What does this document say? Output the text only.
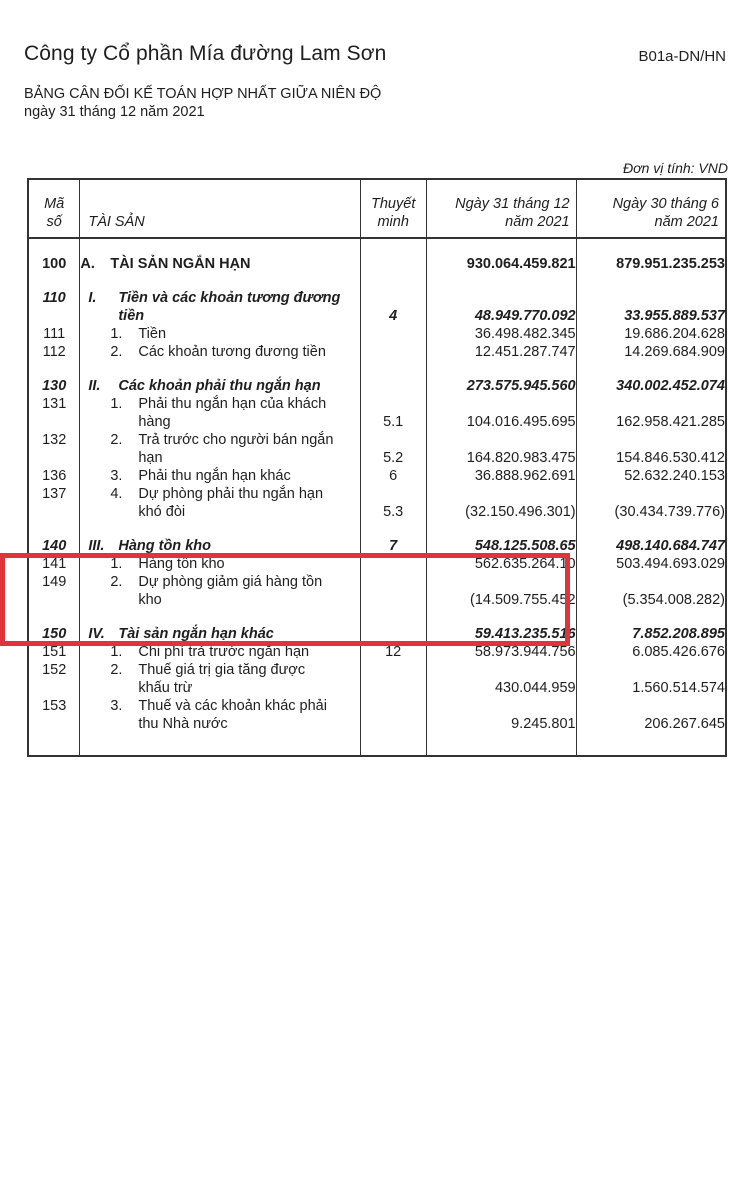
Công ty Cổ phần Mía đường Lam Sơn	B01a-DN/HN
BẢNG CÂN ĐỐI KẾ TOÁN HỢP NHẤT GIỮA NIÊN ĐỘ
ngày 31 tháng 12 năm 2021
Đơn vị tính: VND
Mã số	TÀI SẢN	Thuyết minh	Ngày 31 tháng 12 năm 2021	Ngày 30 tháng 6 năm 2021

100	A. TÀI SẢN NGẮN HẠN		930.064.459.821	879.951.235.253

110	I. Tiền và các khoản tương đương tiền	4	48.949.770.092	33.955.889.537
111	1. Tiền		36.498.482.345	19.686.204.628
112	2. Các khoản tương đương tiền		12.451.287.747	14.269.684.909

130	II. Các khoản phải thu ngắn hạn		273.575.945.560	340.002.452.074
131	1. Phải thu ngắn hạn của khách hàng	5.1	104.016.495.695	162.958.421.285
132	2. Trả trước cho người bán ngắn hạn	5.2	164.820.983.475	154.846.530.412
136	3. Phải thu ngắn hạn khác	6	36.888.962.691	52.632.240.153
137	4. Dự phòng phải thu ngắn hạn khó đòi	5.3	(32.150.496.301)	(30.434.739.776)

140	III. Hàng tồn kho	7	548.125.508.65	498.140.684.747
141	1. Hàng tồn kho		562.635.264.10	503.494.693.029
149	2. Dự phòng giảm giá hàng tồn kho		(14.509.755.452	(5.354.008.282)

150	IV. Tài sản ngắn hạn khác		59.413.235.516	7.852.208.895
151	1. Chi phí trả trước ngắn hạn	12	58.973.944.756	6.085.426.676
152	2. Thuế giá trị gia tăng được khấu trừ		430.044.959	1.560.514.574
153	3. Thuế và các khoản khác phải thu Nhà nước		9.245.801	206.267.645
